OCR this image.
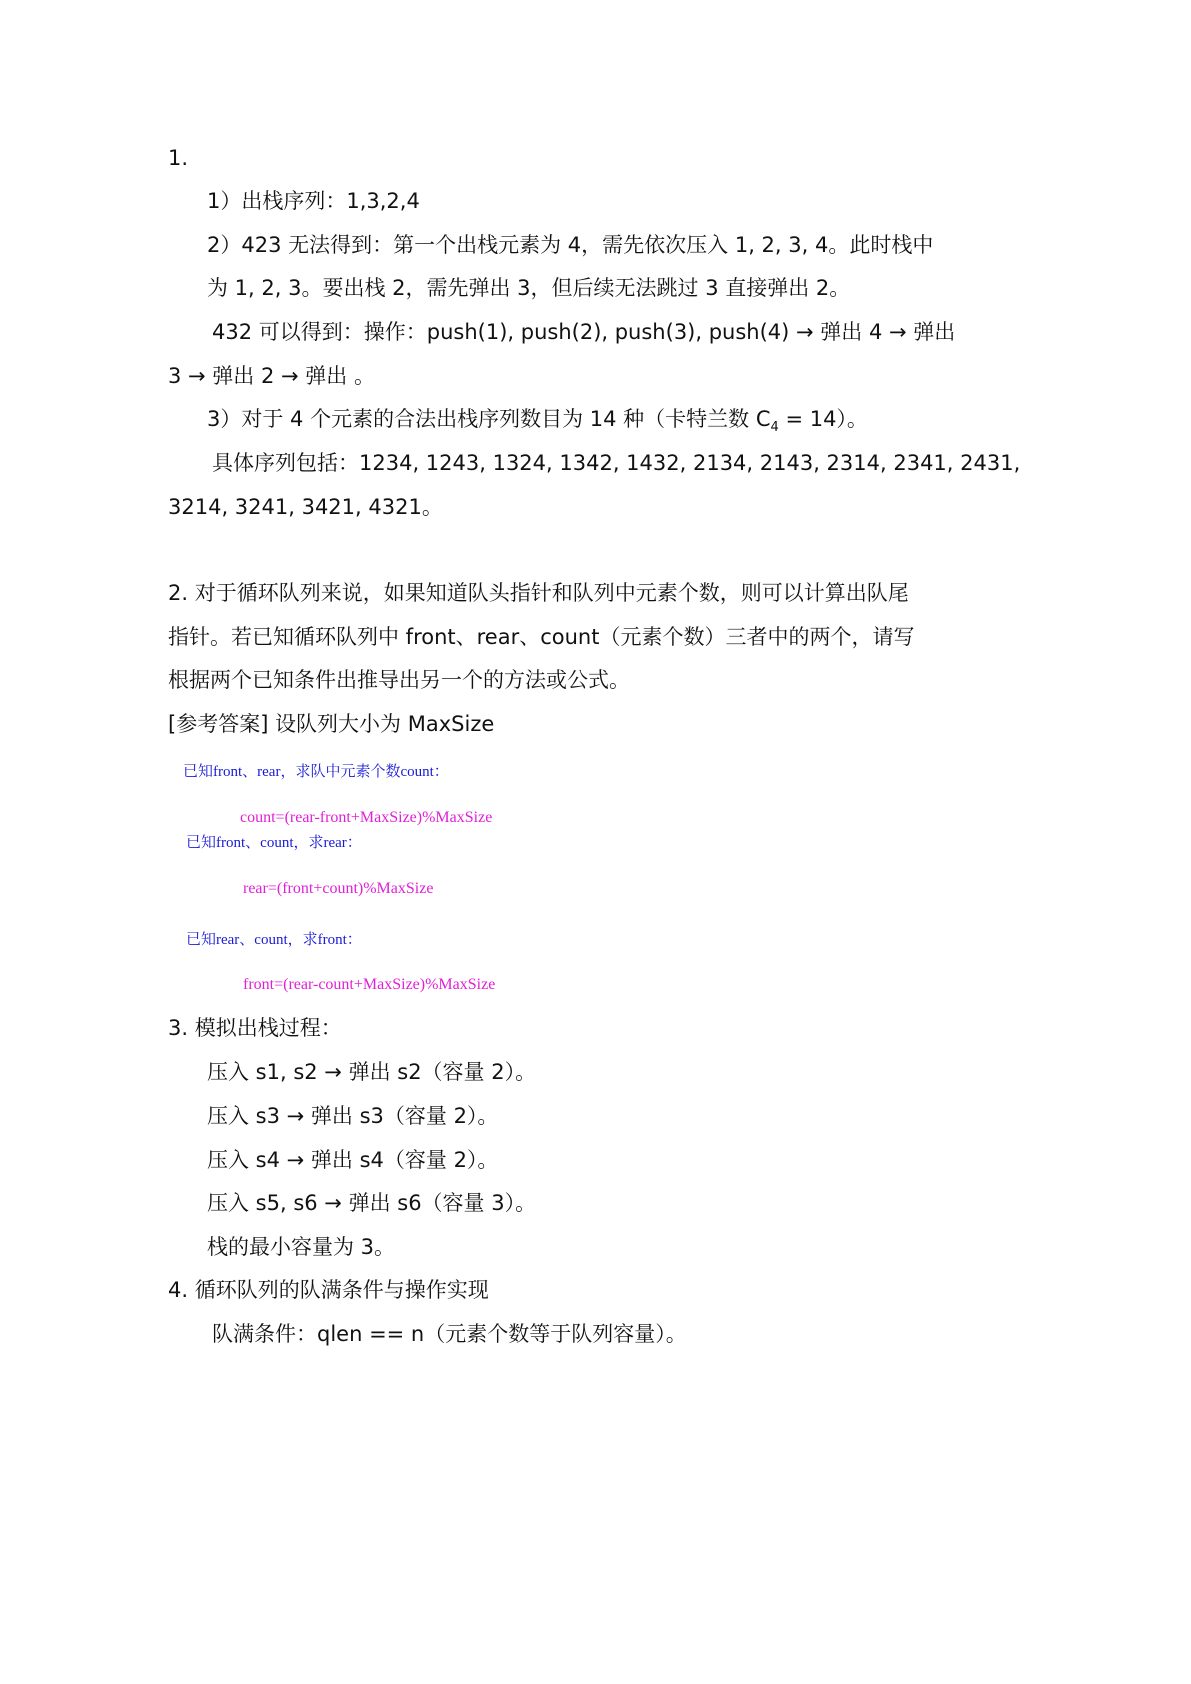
1.
1）出栈序列：1,3,2,4
2）423 无法得到：第一个出栈元素为 4，需先依次压入 1, 2, 3, 4。此时栈中
为 1, 2, 3。要出栈 2，需先弹出 3，但后续无法跳过 3 直接弹出 2。
432 可以得到：操作：push(1), push(2), push(3), push(4) → 弹出 4 → 弹出
3 → 弹出 2 → 弹出 。
3）对于 4 个元素的合法出栈序列数目为 14 种（卡特兰数 $C_4 = 14$）。
具体序列包括：1234, 1243, 1324, 1342, 1432, 2134, 2143, 2314, 2341, 2431,
3214, 3241, 3421, 4321。
2. 对于循环队列来说，如果知道队头指针和队列中元素个数，则可以计算出队尾
指针。若已知循环队列中 front、rear、count（元素个数）三者中的两个，请写
根据两个已知条件出推导出另一个的方法或公式。
[参考答案] 设队列大小为 MaxSize
已知front、rear，求队中元素个数count：
count=(rear-front+MaxSize)%MaxSize
已知front、count，求rear：
rear=(front+count)%MaxSize
已知rear、count，求front：
front=(rear-count+MaxSize)%MaxSize
3. 模拟出栈过程：
压入 s1, s2 → 弹出 s2（容量 2）。
压入 s3 → 弹出 s3（容量 2）。
压入 s4 → 弹出 s4（容量 2）。
压入 s5, s6 → 弹出 s6（容量 3）。
栈的最小容量为 3。
4. 循环队列的队满条件与操作实现
队满条件：qlen == n（元素个数等于队列容量）。
